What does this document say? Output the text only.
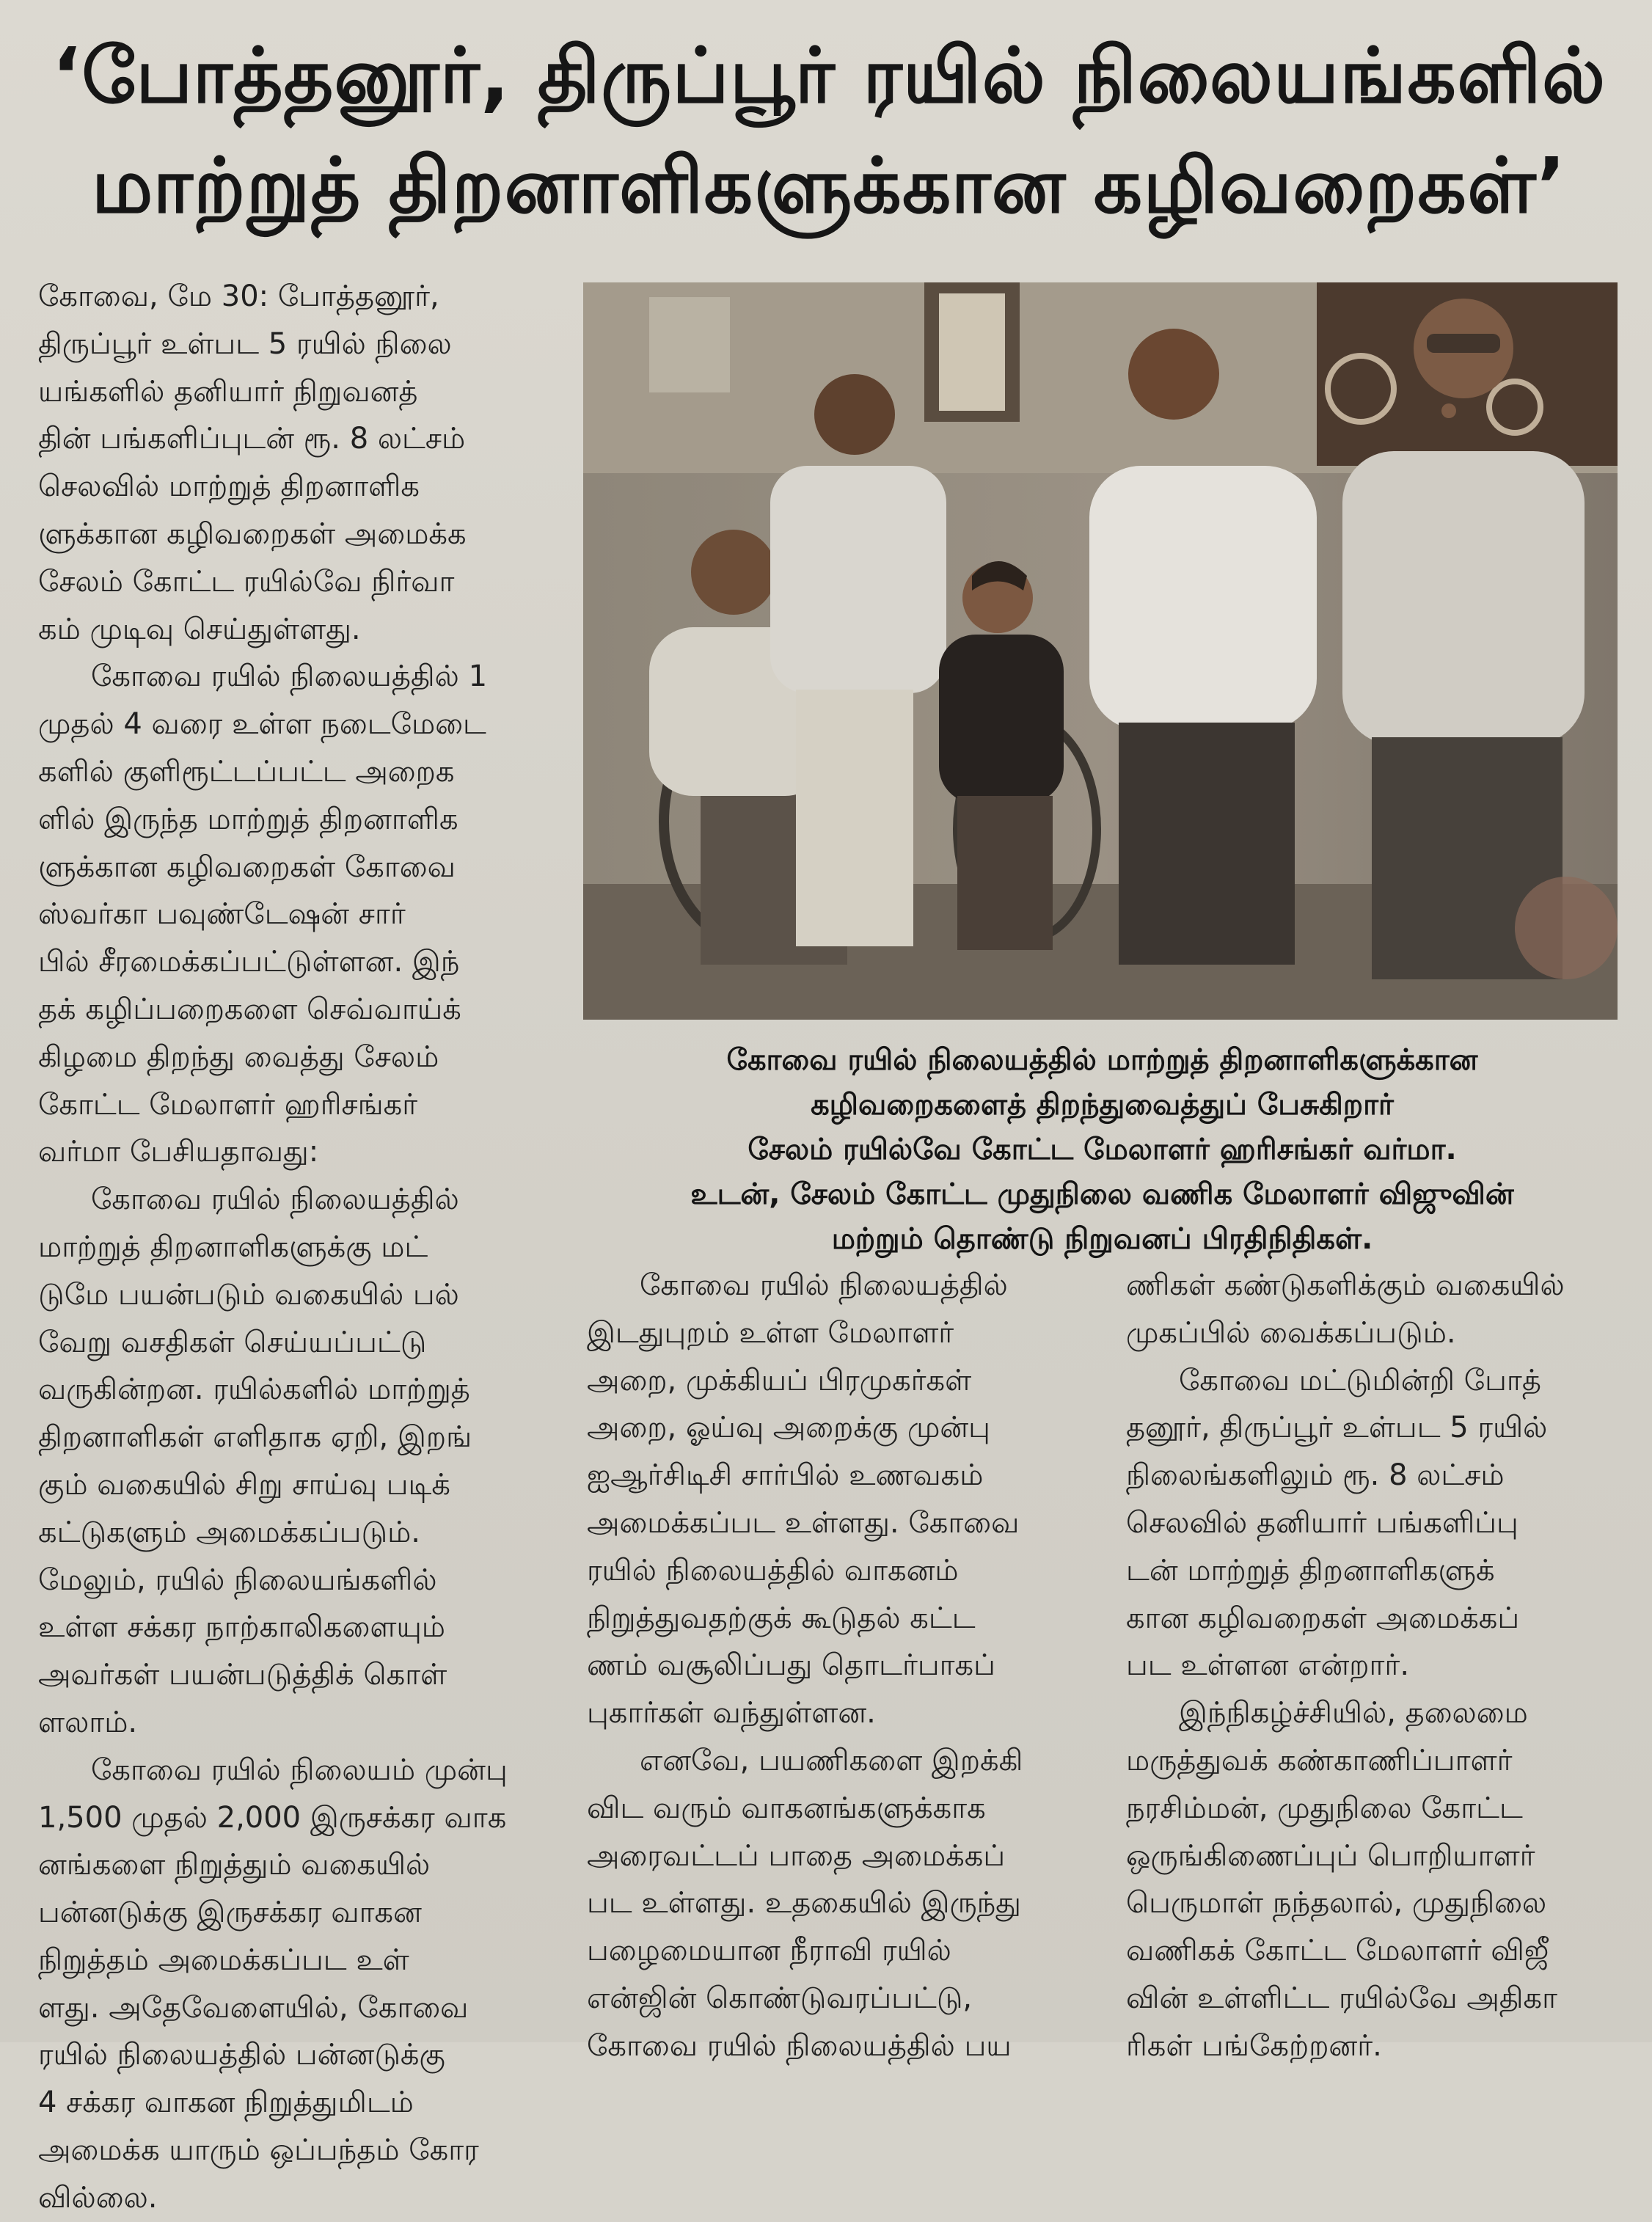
‘போத்தனூர், திருப்பூர் ரயில் நிலையங்களில்
மாற்றுத் திறனாளிகளுக்கான கழிவறைகள்’

கோவை, மே 30: போத்தனூர்,

திருப்பூர் உள்பட 5 ரயில் நிலை

யங்களில் தனியார் நிறுவனத்

தின் பங்களிப்புடன் ரூ. 8 லட்சம்

செலவில் மாற்றுத் திறனாளிக

ளுக்கான கழிவறைகள் அமைக்க

சேலம் கோட்ட ரயில்வே நிர்வா

கம் முடிவு செய்துள்ளது.

கோவை ரயில் நிலையத்தில் 1

முதல் 4 வரை உள்ள நடைமேடை

களில் குளிரூட்டப்பட்ட அறைக

ளில் இருந்த மாற்றுத் திறனாளிக

ளுக்கான கழிவறைகள் கோவை

ஸ்வர்கா பவுண்டேஷன் சார்

பில் சீரமைக்கப்பட்டுள்ளன. இந்

தக் கழிப்பறைகளை செவ்வாய்க்

கிழமை திறந்து வைத்து சேலம்

கோட்ட மேலாளர் ஹரிசங்கர்

வர்மா பேசியதாவது:

கோவை ரயில் நிலையத்தில்

மாற்றுத் திறனாளிகளுக்கு மட்

டுமே பயன்படும் வகையில் பல்

வேறு வசதிகள் செய்யப்பட்டு

வருகின்றன. ரயில்களில் மாற்றுத்

திறனாளிகள் எளிதாக ஏறி, இறங்

கும் வகையில் சிறு சாய்வு படிக்

கட்டுகளும் அமைக்கப்படும்.

மேலும், ரயில் நிலையங்களில்

உள்ள சக்கர நாற்காலிகளையும்

அவர்கள் பயன்படுத்திக் கொள்

ளலாம்.

கோவை ரயில் நிலையம் முன்பு

1,500 முதல் 2,000 இருசக்கர வாக

னங்களை நிறுத்தும் வகையில்

பன்னடுக்கு இருசக்கர வாகன

நிறுத்தம் அமைக்கப்பட உள்

ளது. அதேவேளையில், கோவை

ரயில் நிலையத்தில் பன்னடுக்கு

4 சக்கர வாகன நிறுத்துமிடம்

அமைக்க யாரும் ஒப்பந்தம் கோர

வில்லை.

கோவை ரயில் நிலையத்தில் மாற்றுத் திறனாளிகளுக்கான
கழிவறைகளைத் திறந்துவைத்துப் பேசுகிறார்
சேலம் ரயில்வே கோட்ட மேலாளர் ஹரிசங்கர் வர்மா.
உடன், சேலம் கோட்ட முதுநிலை வணிக மேலாளர் விஜுவின்
மற்றும் தொண்டு நிறுவனப் பிரதிநிதிகள்.

கோவை ரயில் நிலையத்தில்

இடதுபுறம் உள்ள மேலாளர்

அறை, முக்கியப் பிரமுகர்கள்

அறை, ஓய்வு அறைக்கு முன்பு

ஐஆர்சிடிசி சார்பில் உணவகம்

அமைக்கப்பட உள்ளது. கோவை

ரயில் நிலையத்தில் வாகனம்

நிறுத்துவதற்குக் கூடுதல் கட்ட

ணம் வசூலிப்பது தொடர்பாகப்

புகார்கள் வந்துள்ளன.

எனவே, பயணிகளை இறக்கி

விட வரும் வாகனங்களுக்காக

அரைவட்டப் பாதை அமைக்கப்

பட உள்ளது. உதகையில் இருந்து

பழைமையான நீராவி ரயில்

என்ஜின் கொண்டுவரப்பட்டு,

கோவை ரயில் நிலையத்தில் பய

ணிகள் கண்டுகளிக்கும் வகையில்

முகப்பில் வைக்கப்படும்.

கோவை மட்டுமின்றி போத்

தனூர், திருப்பூர் உள்பட 5 ரயில்

நிலைங்களிலும் ரூ. 8 லட்சம்

செலவில் தனியார் பங்களிப்பு

டன் மாற்றுத் திறனாளிகளுக்

கான கழிவறைகள் அமைக்கப்

பட உள்ளன என்றார்.

இந்நிகழ்ச்சியில், தலைமை

மருத்துவக் கண்காணிப்பாளர்

நரசிம்மன், முதுநிலை கோட்ட

ஒருங்கிணைப்புப் பொறியாளர்

பெருமாள் நந்தலால், முதுநிலை

வணிகக் கோட்ட மேலாளர் விஜீ

வின் உள்ளிட்ட ரயில்வே அதிகா

ரிகள் பங்கேற்றனர்.
